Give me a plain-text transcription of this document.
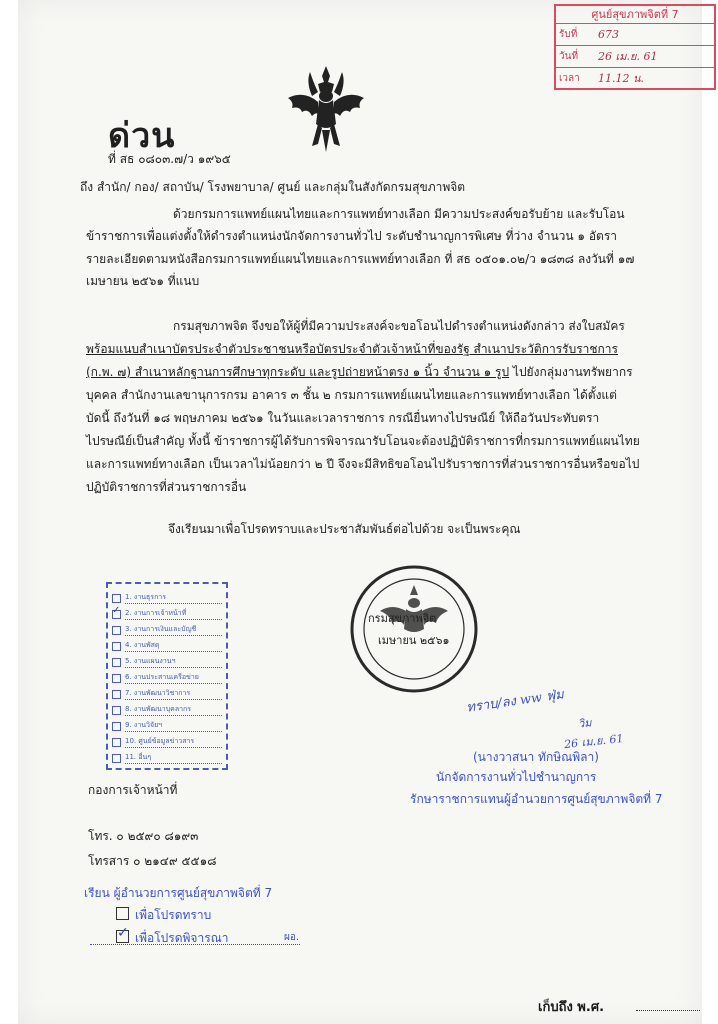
ศูนย์สุขภาพจิตที่ 7
รับที่ 673
วันที่ 26 เม.ย. 61
เวลา 11.12 น.
ด่วน
ที่ สธ ๐๘๐๓.๗/ว ๑๙๖๕
ถึง สำนัก/ กอง/ สถาบัน/ โรงพยาบาล/ ศูนย์ และกลุ่มในสังกัดกรมสุขภาพจิต
ด้วยกรมการแพทย์แผนไทยและการแพทย์ทางเลือก มีความประสงค์ขอรับย้าย และรับโอน
ข้าราชการเพื่อแต่งตั้งให้ดำรงตำแหน่งนักจัดการงานทั่วไป ระดับชำนาญการพิเศษ ที่ว่าง จำนวน ๑ อัตรา
รายละเอียดตามหนังสือกรมการแพทย์แผนไทยและการแพทย์ทางเลือก ที่ สธ ๐๕๐๑.๐๒/ว ๑๘๓๘ ลงวันที่ ๑๗
เมษายน ๒๕๖๑ ที่แนบ
กรมสุขภาพจิต จึงขอให้ผู้ที่มีความประสงค์จะขอโอนไปดำรงตำแหน่งดังกล่าว ส่งใบสมัคร
พร้อมแนบสำเนาบัตรประจำตัวประชาชนหรือบัตรประจำตัวเจ้าหน้าที่ของรัฐ สำเนาประวัติการรับราชการ
(ก.พ. ๗) สำเนาหลักฐานการศึกษาทุกระดับ และรูปถ่ายหน้าตรง ๑ นิ้ว จำนวน ๑ รูป ไปยังกลุ่มงานทรัพยากร
บุคคล สำนักงานเลขานุการกรม อาคาร ๓ ชั้น ๒ กรมการแพทย์แผนไทยและการแพทย์ทางเลือก ได้ตั้งแต่
บัดนี้ ถึงวันที่ ๑๘ พฤษภาคม ๒๕๖๑ ในวันและเวลาราชการ กรณียื่นทางไปรษณีย์ ให้ถือวันประทับตรา
ไปรษณีย์เป็นสำคัญ ทั้งนี้ ข้าราชการผู้ได้รับการพิจารณารับโอนจะต้องปฏิบัติราชการที่กรมการแพทย์แผนไทย
และการแพทย์ทางเลือก เป็นเวลาไม่น้อยกว่า ๒ ปี จึงจะมีสิทธิขอโอนไปรับราชการที่ส่วนราชการอื่นหรือขอไป
ปฏิบัติราชการที่ส่วนราชการอื่น
จึงเรียนมาเพื่อโปรดทราบและประชาสัมพันธ์ต่อไปด้วย จะเป็นพระคุณ
กรมสุขภาพจิต
เมษายน ๒๕๖๑
1. งานธุรการ
✓
2. งานการเจ้าหน้าที่
3. งานการเงินและบัญชี
4. งานพัสดุ
5. งานแผนงานฯ
6. งานประสานเครือข่าย
7. งานพัฒนาวิชาการ
8. งานพัฒนาบุคลากร
9. งานวิจัยฯ
10. ศูนย์ข้อมูลข่าวสาร
11. อื่นๆ
ทราบ/ลง ww ฟุ่ม
วิม
26 เม.ย. 61
(นางวาสนา ทักษิณพิลา)
นักจัดการงานทั่วไปชำนาญการ
รักษาราชการแทนผู้อำนวยการศูนย์สุขภาพจิตที่ 7
กองการเจ้าหน้าที่
โทร. ๐ ๒๕๙๐ ๘๑๙๓
โทรสาร ๐ ๒๑๔๙ ๕๕๑๘
เรียน ผู้อำนวยการศูนย์สุขภาพจิตที่ 7
เพื่อโปรดทราบ
✓เพื่อโปรดพิจารณา	ผอ.
เก็บถึง พ.ศ.
